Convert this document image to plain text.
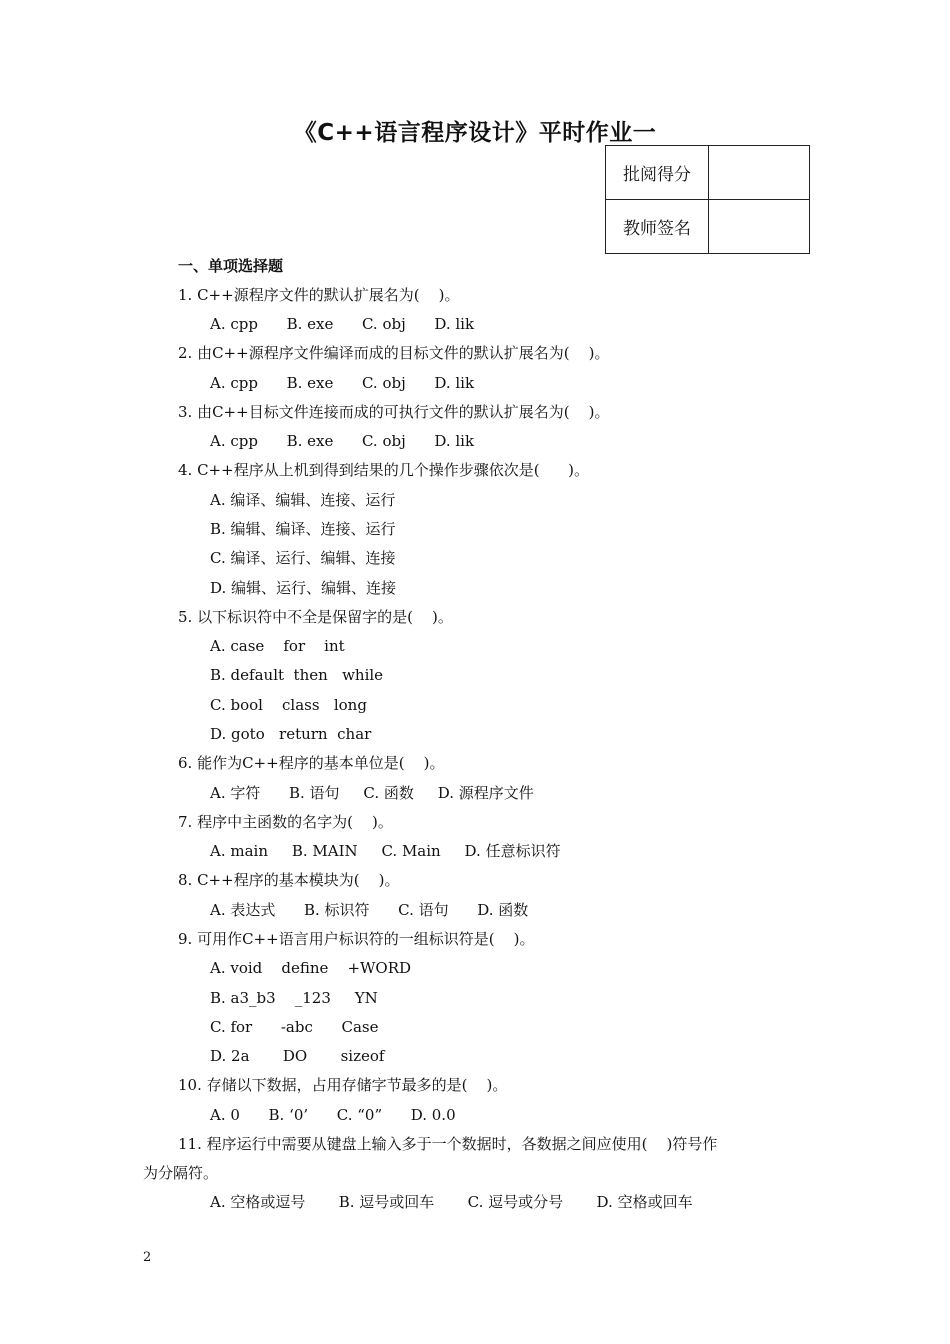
《C++语言程序设计》平时作业一
批阅得分	
教师签名	
一、单项选择题
1. C++源程序文件的默认扩展名为(    )。
A. cpp      B. exe      C. obj      D. lik
2. 由C++源程序文件编译而成的目标文件的默认扩展名为(    )。
A. cpp      B. exe      C. obj      D. lik
3. 由C++目标文件连接而成的可执行文件的默认扩展名为(    )。
A. cpp      B. exe      C. obj      D. lik
4. C++程序从上机到得到结果的几个操作步骤依次是(      )。
A. 编译、编辑、连接、运行
B. 编辑、编译、连接、运行
C. 编译、运行、编辑、连接
D. 编辑、运行、编辑、连接
5. 以下标识符中不全是保留字的是(    )。
A. case    for    int
B. default  then   while
C. bool    class   long
D. goto   return  char
6. 能作为C++程序的基本单位是(    )。
A. 字符      B. 语句     C. 函数     D. 源程序文件
7. 程序中主函数的名字为(    )。
A. main     B. MAIN     C. Main     D. 任意标识符
8. C++程序的基本模块为(    )。
A. 表达式      B. 标识符      C. 语句      D. 函数
9. 可用作C++语言用户标识符的一组标识符是(    )。
A. void    define    +WORD
B. a3_b3    _123     YN
C. for      -abc      Case
D. 2a       DO       sizeof
10. 存储以下数据，占用存储字节最多的是(    )。
A. 0      B. ‘0’      C. “0”      D. 0.0
11. 程序运行中需要从键盘上输入多于一个数据时，各数据之间应使用(    )符号作
为分隔符。
A. 空格或逗号       B. 逗号或回车       C. 逗号或分号       D. 空格或回车
2
